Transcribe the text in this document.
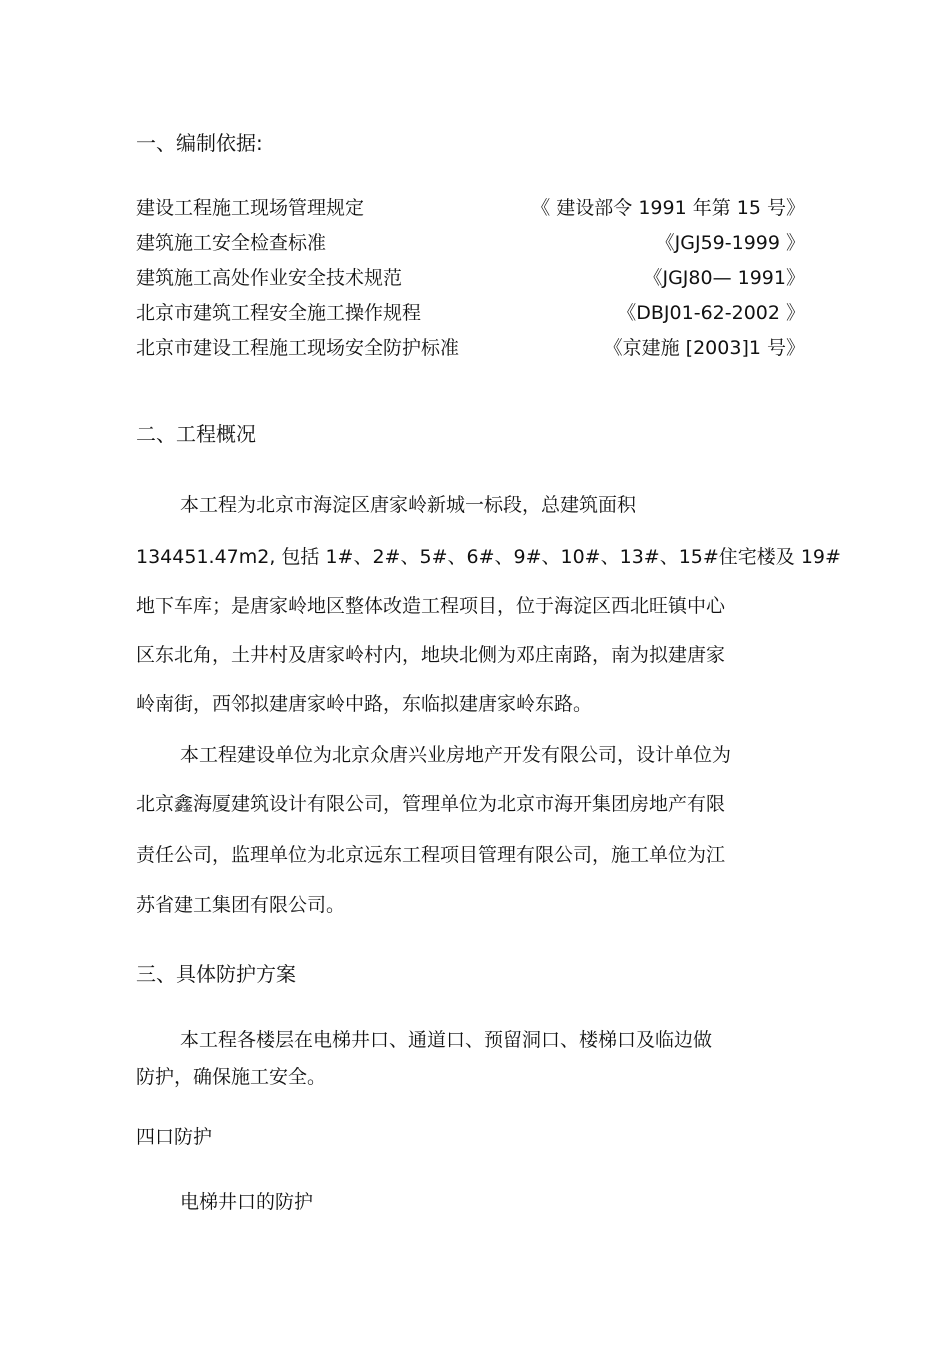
一、编制依据:
建设工程施工现场管理规定	《 建设部令 1991 年第 15 号》
建筑施工安全检查标准	《JGJ59-1999 》
建筑施工高处作业安全技术规范	《JGJ80— 1991》
北京市建筑工程安全施工操作规程	《DBJ01-62-2002 》
北京市建设工程施工现场安全防护标准	《京建施 [2003]1 号》
二、工程概况
本工程为北京市海淀区唐家岭新城一标段，总建筑面积
134451.47m2, 包括 1#、2#、5#、6#、9#、10#、13#、15#住宅楼及 19#
地下车库；是唐家岭地区整体改造工程项目，位于海淀区西北旺镇中心
区东北角，土井村及唐家岭村内，地块北侧为邓庄南路，南为拟建唐家
岭南街，西邻拟建唐家岭中路，东临拟建唐家岭东路。
本工程建设单位为北京众唐兴业房地产开发有限公司，设计单位为
北京鑫海厦建筑设计有限公司，管理单位为北京市海开集团房地产有限
责任公司，监理单位为北京远东工程项目管理有限公司，施工单位为江
苏省建工集团有限公司。
三、具体防护方案
本工程各楼层在电梯井口、通道口、预留洞口、楼梯口及临边做
防护，确保施工安全。
四口防护
电梯井口的防护
